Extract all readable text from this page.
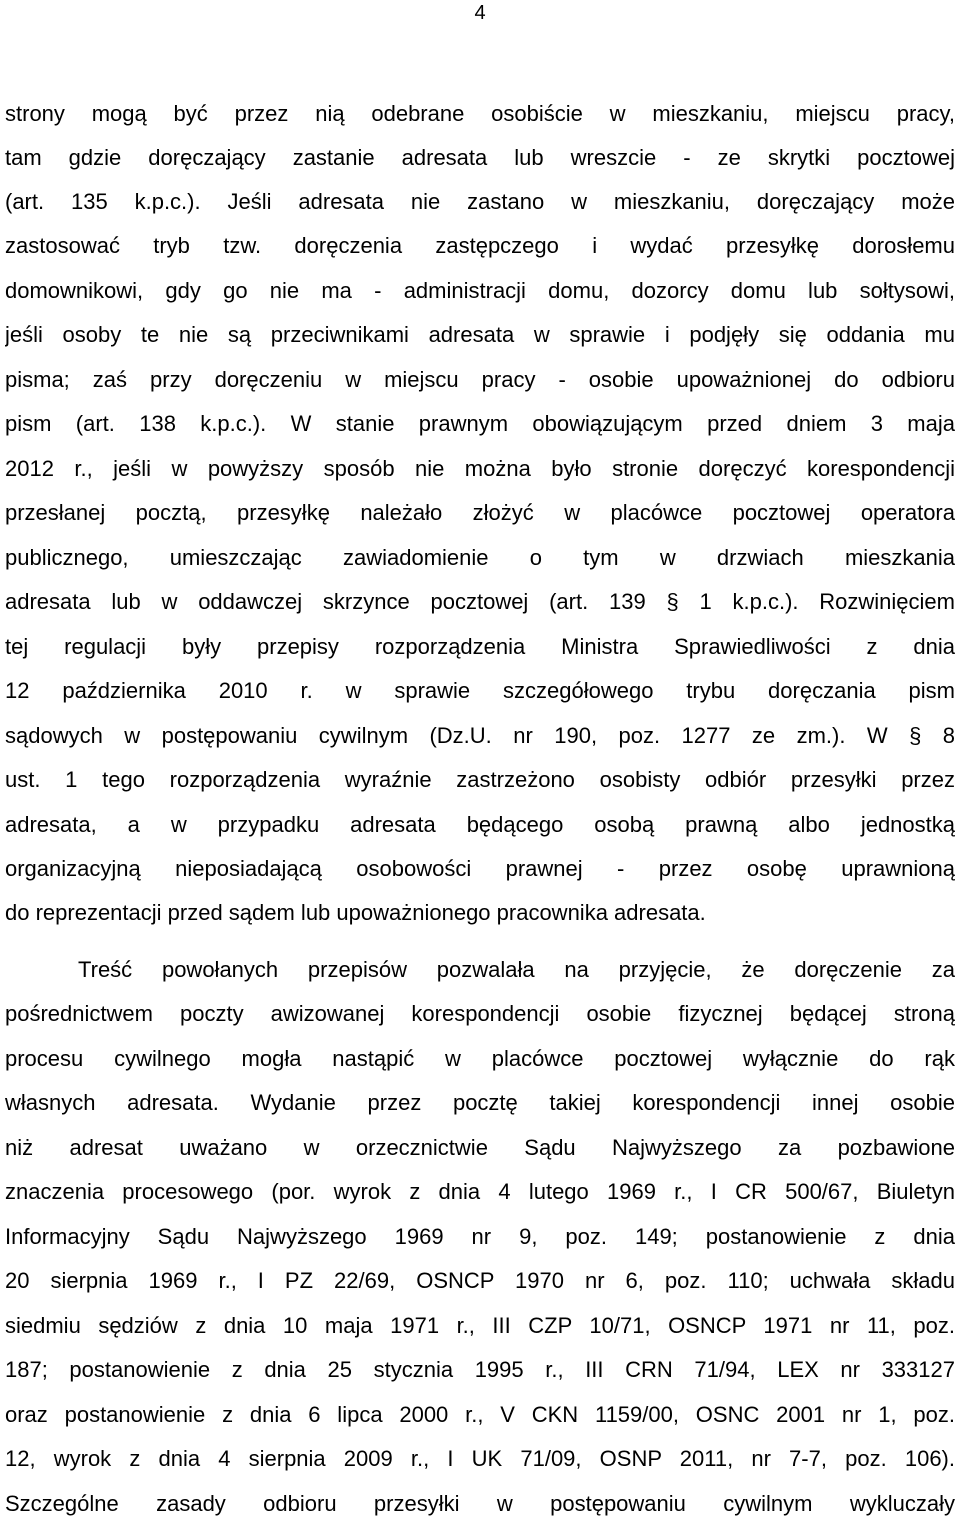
4
strony mogą być przez nią odebrane osobiście w mieszkaniu, miejscu pracy,
tam gdzie doręczający zastanie adresata lub wreszcie - ze skrytki pocztowej
(art. 135 k.p.c.). Jeśli adresata nie zastano w mieszkaniu, doręczający może
zastosować tryb tzw. doręczenia zastępczego i wydać przesyłkę dorosłemu
domownikowi, gdy go nie ma - administracji domu, dozorcy domu lub sołtysowi,
jeśli osoby te nie są przeciwnikami adresata w sprawie i podjęły się oddania mu
pisma; zaś przy doręczeniu w miejscu pracy - osobie upoważnionej do odbioru
pism (art. 138 k.p.c.). W stanie prawnym obowiązującym przed dniem 3 maja
2012 r., jeśli w powyższy sposób nie można było stronie doręczyć korespondencji
przesłanej pocztą, przesyłkę należało złożyć w placówce pocztowej operatora
publicznego, umieszczając zawiadomienie o tym w drzwiach mieszkania
adresata lub w oddawczej skrzynce pocztowej (art. 139 § 1 k.p.c.). Rozwinięciem
tej regulacji były przepisy rozporządzenia Ministra Sprawiedliwości z dnia
12 października 2010 r. w sprawie szczegółowego trybu doręczania pism
sądowych w postępowaniu cywilnym (Dz.U. nr 190, poz. 1277 ze zm.). W § 8
ust. 1 tego rozporządzenia wyraźnie zastrzeżono osobisty odbiór przesyłki przez
adresata, a w przypadku adresata będącego osobą prawną albo jednostką
organizacyjną nieposiadającą osobowości prawnej - przez osobę uprawnioną
do reprezentacji przed sądem lub upoważnionego pracownika adresata.
Treść powołanych przepisów pozwalała na przyjęcie, że doręczenie za
pośrednictwem poczty awizowanej korespondencji osobie fizycznej będącej stroną
procesu cywilnego mogła nastąpić w placówce pocztowej wyłącznie do rąk
własnych adresata. Wydanie przez pocztę takiej korespondencji innej osobie
niż adresat uważano w orzecznictwie Sądu Najwyższego za pozbawione
znaczenia procesowego (por. wyrok z dnia 4 lutego 1969 r., I CR 500/67, Biuletyn
Informacyjny Sądu Najwyższego 1969 nr 9, poz. 149; postanowienie z dnia
20 sierpnia 1969 r., I PZ 22/69, OSNCP 1970 nr 6, poz. 110; uchwała składu
siedmiu sędziów z dnia 10 maja 1971 r., III CZP 10/71, OSNCP 1971 nr 11, poz.
187; postanowienie z dnia 25 stycznia 1995 r., III CRN 71/94, LEX nr 333127
oraz postanowienie z dnia 6 lipca 2000 r., V CKN 1159/00, OSNC 2001 nr 1, poz.
12, wyrok z dnia 4 sierpnia 2009 r., I UK 71/09, OSNP 2011, nr 7-7, poz. 106).
Szczególne zasady odbioru przesyłki w postępowaniu cywilnym wykluczały
